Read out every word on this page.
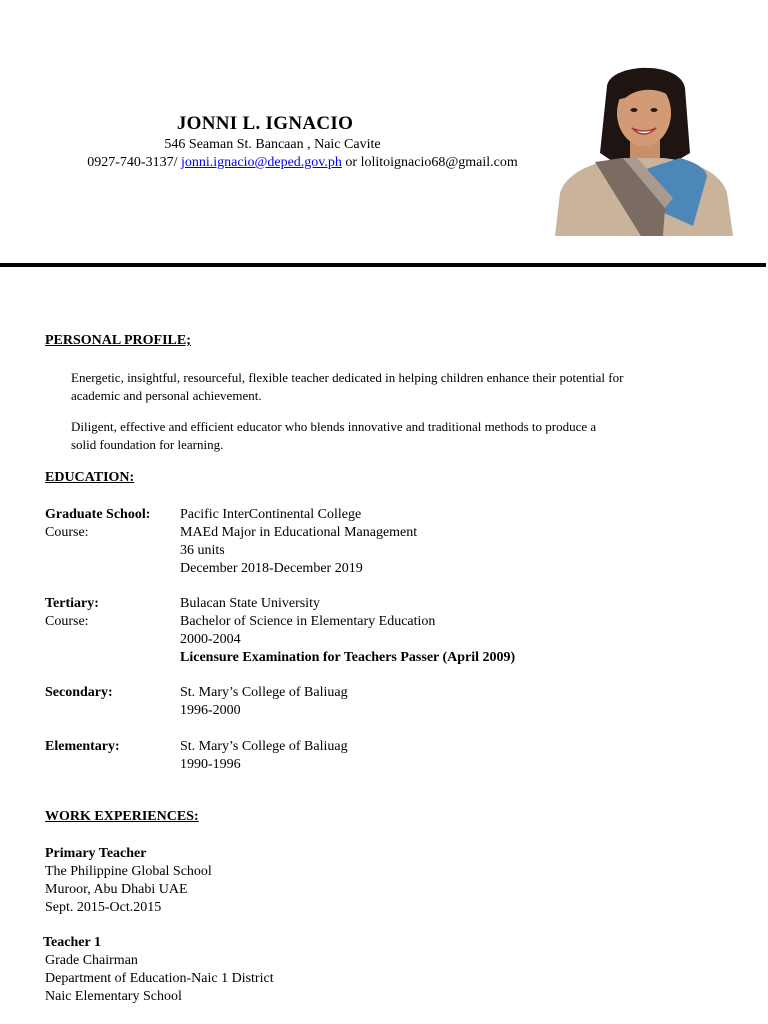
JONNI L. IGNACIO
546 Seaman St. Bancaan , Naic Cavite
0927-740-3137/ jonni.ignacio@deped.gov.ph or lolitoignacio68@gmail.com
PERSONAL PROFILE;
Energetic, insightful, resourceful, flexible teacher dedicated in helping children enhance their potential for
academic and personal achievement.
Diligent, effective and efficient educator who blends innovative and traditional methods to produce a
solid foundation for learning.
EDUCATION:
Graduate School:
Course:
Pacific InterContinental College
MAEd Major in Educational Management
36 units
December 2018-December 2019
Tertiary:
Course:
Bulacan State University
Bachelor of Science in Elementary Education
2000-2004
Licensure Examination for Teachers Passer (April 2009)
Secondary:	St. Mary’s College of Baliuag
1996-2000
Elementary:	St. Mary’s College of Baliuag
1990-1996
WORK EXPERIENCES:
Primary Teacher
The Philippine Global School
Muroor, Abu Dhabi UAE
Sept. 2015-Oct.2015
Teacher 1
Grade Chairman
Department of Education-Naic 1 District
Naic Elementary School
